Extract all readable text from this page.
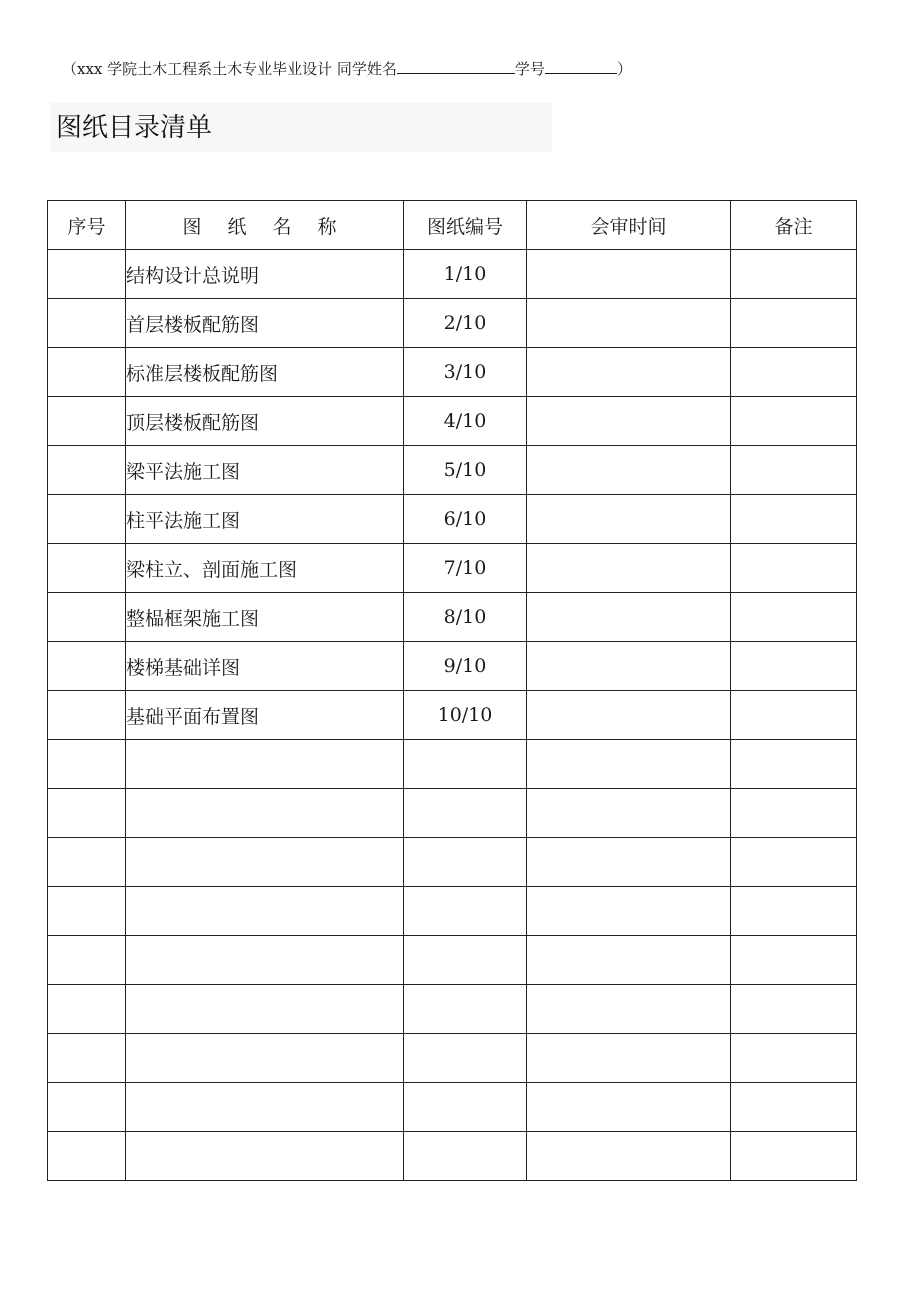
（xxx 学院土木工程系土木专业毕业设计 同学姓名	学号	）
图纸目录清单
序号	图 纸 名 称	图纸编号	会审时间	备注
	结构设计总说明	1/10		
	首层楼板配筋图	2/10		
	标准层楼板配筋图	3/10		
	顶层楼板配筋图	4/10		
	梁平法施工图	5/10		
	柱平法施工图	6/10		
	梁柱立、剖面施工图	7/10		
	整榀框架施工图	8/10		
	楼梯基础详图	9/10		
	基础平面布置图	10/10		
